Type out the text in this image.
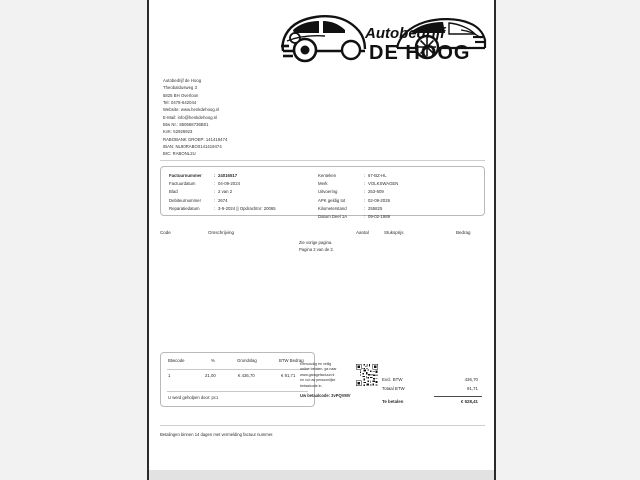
Autobedrijf
DE HOOG
Autobedrijf de Hoog
Theobaldusweg 3
5825 BH Overloon
Tel: 0478-642044
Website: www.henkdehoog.nl
E-Mail: info@henkdehoog.nl
Btw Nr.: 850668736B01
KvK: 52926923
RABOBANK GROEP: 141419474
IBAN: NL80RABO0141419474
BIC: RABONL2U
Factuurnummer	: 24016517
Factuurdatum	: 04-09-2024
Blad	: 2 van 2
Debiteurnummer	: 2674
Reparatiedatum	: 3-9-2024 || Opdrachtnr: 20065
Kenteken	: 67-BZ-HL
Merk	: VOLKSWAGEN
Uitvoering	: 253-609
APK geldig tot	: 02-09-2026
Kilometerstand	: 255825
Datum Deel 1A	: 09-02-1989
Code	Omschrijving	Aantal	Stuksprijs	Bedrag
Zie vorige pagina.
Pagina 2 van de 2.
Btwcode	%	Grondslag	BTW Bedrag
1	21,00	€ 436,70	€ 91,71
U werd geholpen door: pc1
Eenvoudig en veilig
online betalen, ga naar
www.garagefactuur.nl
en vul uw persoonlijke
betaalcode in.
Uw betaalcode: 3vPQVMV
Excl. BTW	436,70
Totaal BTW	91,71
Te betalen	€ 528,41
Betalingen binnen 14 dagen met vermelding factuur nummer.
